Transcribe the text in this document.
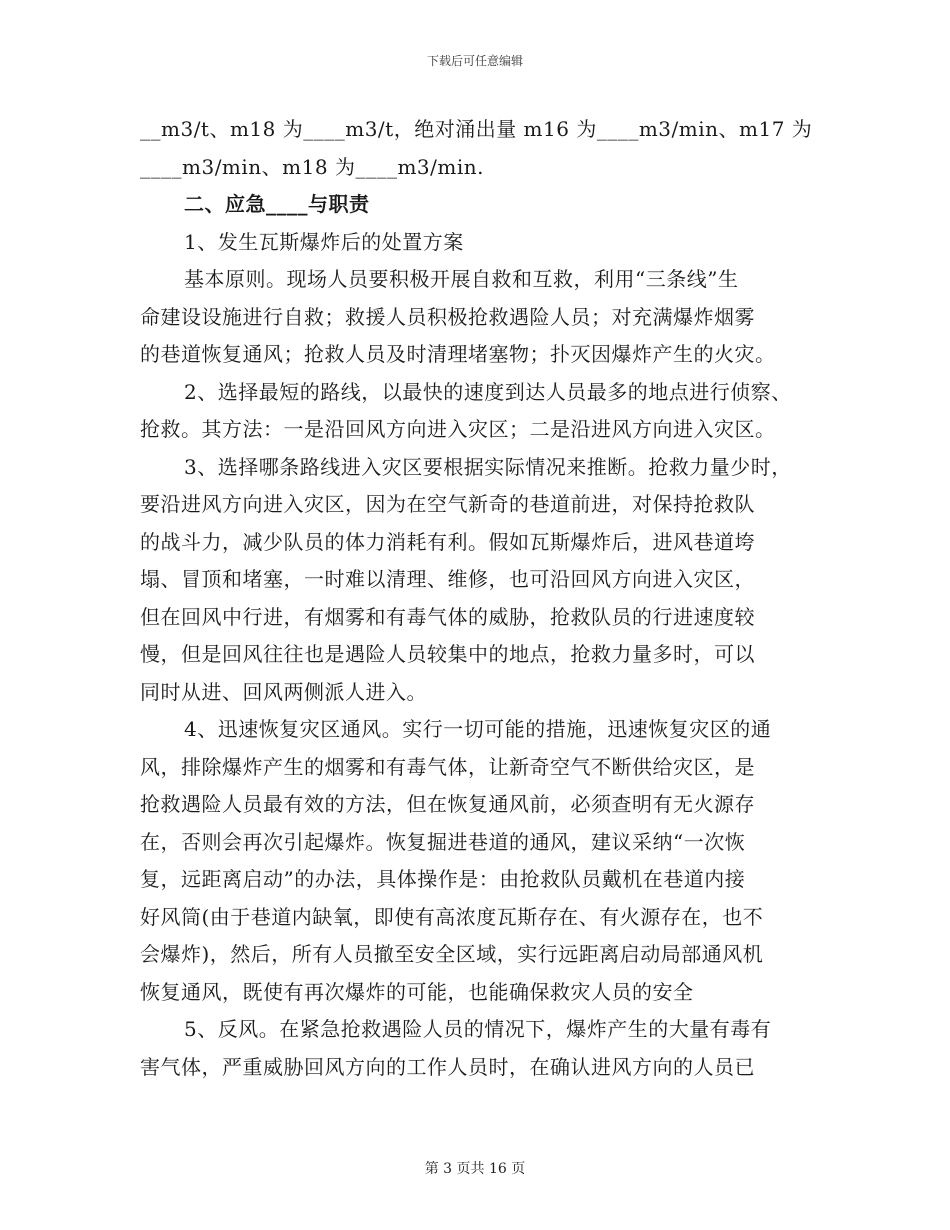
下载后可任意编辑
__m3/t、m18 为____m3/t，绝对涌出量 m16 为____m3/min、m17 为
____m3/min、m18 为____m3/min.
二、应急____与职责
1、发生瓦斯爆炸后的处置方案
基本原则。现场人员要积极开展自救和互救，利用“三条线”生
命建设设施进行自救；救援人员积极抢救遇险人员；对充满爆炸烟雾
的巷道恢复通风；抢救人员及时清理堵塞物；扑灭因爆炸产生的火灾。
2、选择最短的路线，以最快的速度到达人员最多的地点进行侦察、
抢救。其方法：一是沿回风方向进入灾区；二是沿进风方向进入灾区。
3、选择哪条路线进入灾区要根据实际情况来推断。抢救力量少时，
要沿进风方向进入灾区，因为在空气新奇的巷道前进，对保持抢救队
的战斗力，减少队员的体力消耗有利。假如瓦斯爆炸后，进风巷道垮
塌、冒顶和堵塞，一时难以清理、维修，也可沿回风方向进入灾区，
但在回风中行进，有烟雾和有毒气体的威胁，抢救队员的行进速度较
慢，但是回风往往也是遇险人员较集中的地点，抢救力量多时，可以
同时从进、回风两侧派人进入。
4、迅速恢复灾区通风。实行一切可能的措施，迅速恢复灾区的通
风，排除爆炸产生的烟雾和有毒气体，让新奇空气不断供给灾区，是
抢救遇险人员最有效的方法，但在恢复通风前，必须查明有无火源存
在，否则会再次引起爆炸。恢复掘进巷道的通风，建议采纳“一次恢
复，远距离启动”的办法，具体操作是：由抢救队员戴机在巷道内接
好风筒(由于巷道内缺氧，即使有高浓度瓦斯存在、有火源存在，也不
会爆炸)，然后，所有人员撤至安全区域，实行远距离启动局部通风机
恢复通风，既使有再次爆炸的可能，也能确保救灾人员的安全
5、反风。在紧急抢救遇险人员的情况下，爆炸产生的大量有毒有
害气体，严重威胁回风方向的工作人员时，在确认进风方向的人员已
第 3 页共 16 页
